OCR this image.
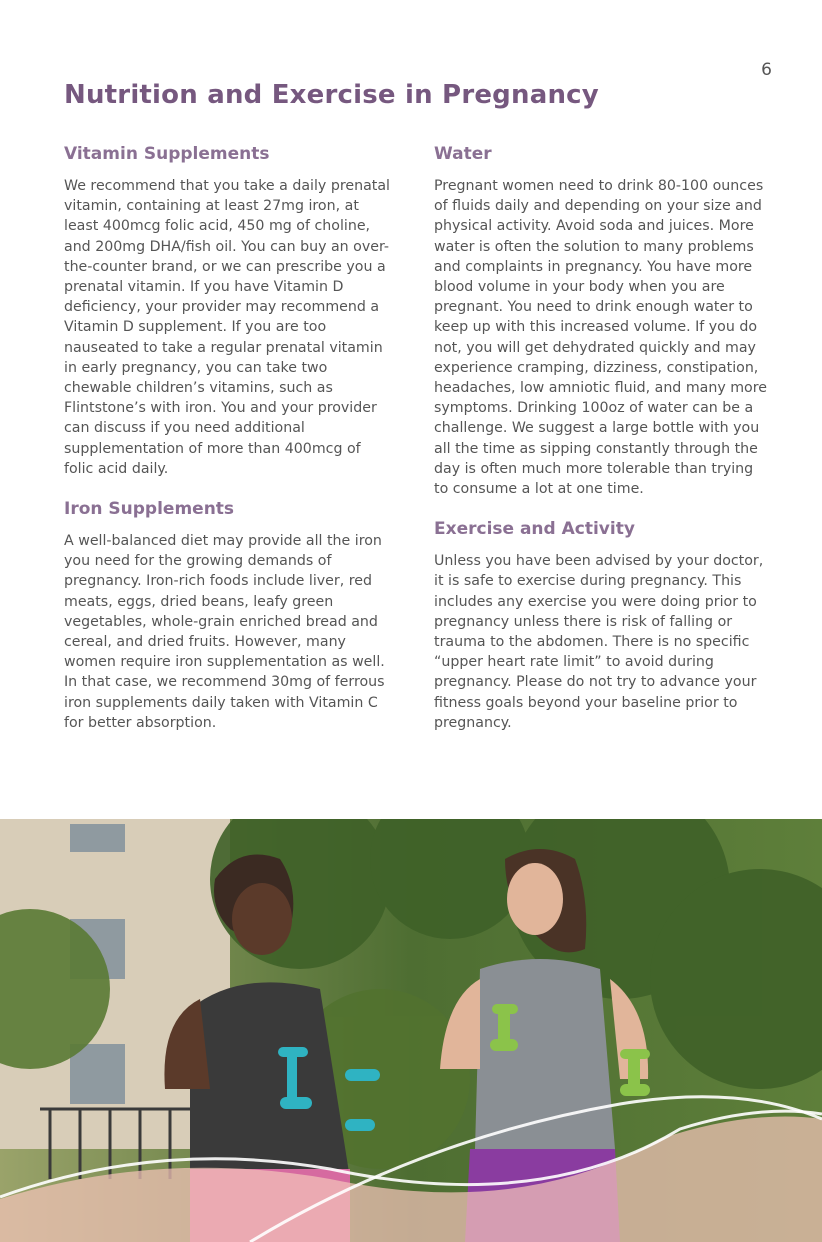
6
Nutrition and Exercise in Pregnancy
Vitamin Supplements

We recommend that you take a daily prenatal vitamin, containing at least 27mg iron, at least 400mcg folic acid, 450 mg of choline, and 200mg DHA/fish oil. You can buy an over-the-counter brand, or we can prescribe you a prenatal vitamin. If you have Vitamin D deficiency, your provider may recommend a Vitamin D supplement. If you are too nauseated to take a regular prenatal vitamin in early pregnancy, you can take two chewable children’s vitamins, such as Flintstone’s with iron. You and your provider can discuss if you need additional supplementation of more than 400mcg of folic acid daily.

Iron Supplements

A well-balanced diet may provide all the iron you need for the growing demands of pregnancy. Iron-rich foods include liver, red meats, eggs, dried beans, leafy green vegetables, whole-grain enriched bread and cereal, and dried fruits. However, many women require iron supplementation as well. In that case, we recommend 30mg of ferrous iron supplements daily taken with Vitamin C for better absorption.

Water

Pregnant women need to drink 80-100 ounces of fluids daily and depending on your size and physical activity. Avoid soda and juices. More water is often the solution to many problems and complaints in pregnancy. You have more blood volume in your body when you are pregnant. You need to drink enough water to keep up with this increased volume. If you do not, you will get dehydrated quickly and may experience cramping, dizziness, constipation, headaches, low amniotic fluid, and many more symptoms. Drinking 100oz of water can be a challenge. We suggest a large bottle with you all the time as sipping constantly through the day is often much more tolerable than trying to consume a lot at one time.

Exercise and Activity

Unless you have been advised by your doctor, it is safe to exercise during pregnancy. This includes any exercise you were doing prior to pregnancy unless there is risk of falling or trauma to the abdomen. There is no specific “upper heart rate limit” to avoid during pregnancy. Please do not try to advance your fitness goals beyond your baseline prior to pregnancy.
